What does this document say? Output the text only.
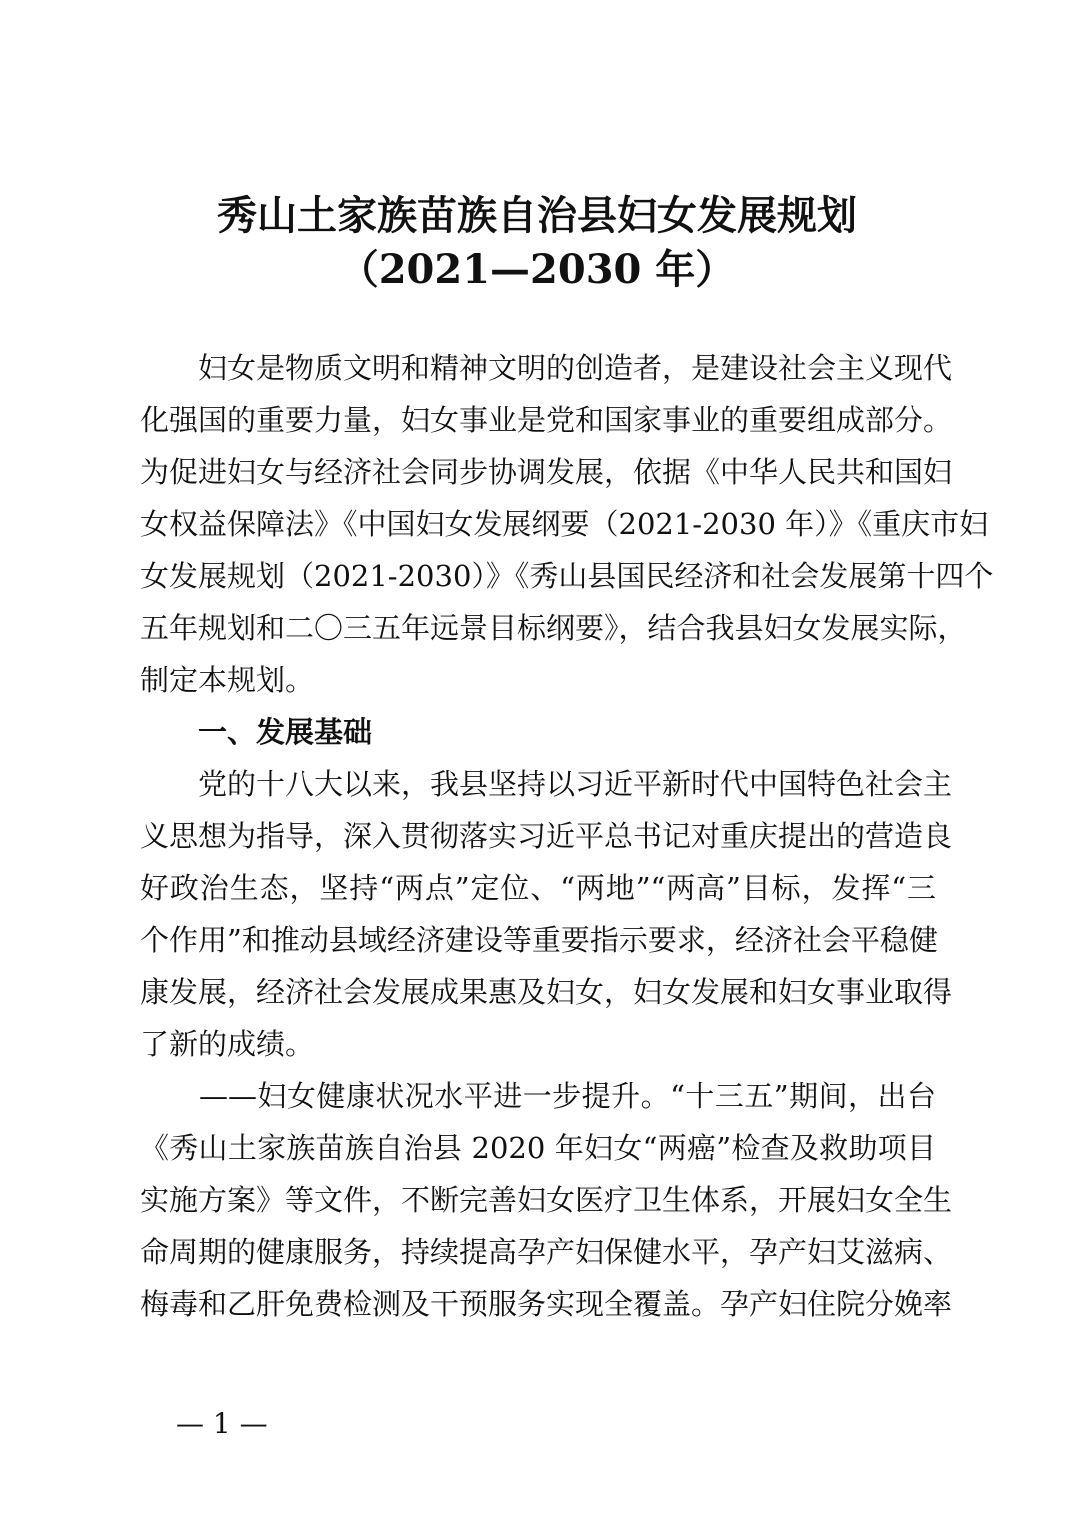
秀山土家族苗族自治县妇女发展规划
（2021—2030 年）
　　妇女是物质文明和精神文明的创造者，是建设社会主义现代
化强国的重要力量，妇女事业是党和国家事业的重要组成部分。
为促进妇女与经济社会同步协调发展，依据《中华人民共和国妇
女权益保障法》《中国妇女发展纲要（2021-2030 年）》《重庆市妇
女发展规划（2021-2030）》《秀山县国民经济和社会发展第十四个
五年规划和二〇三五年远景目标纲要》，结合我县妇女发展实际，
制定本规划。
　　一、发展基础
　　党的十八大以来，我县坚持以习近平新时代中国特色社会主
义思想为指导，深入贯彻落实习近平总书记对重庆提出的营造良
好政治生态，坚持“两点”定位、“两地”“两高”目标，发挥“三
个作用”和推动县域经济建设等重要指示要求，经济社会平稳健
康发展，经济社会发展成果惠及妇女，妇女发展和妇女事业取得
了新的成绩。
　　——妇女健康状况水平进一步提升。“十三五”期间，出台
《秀山土家族苗族自治县 2020 年妇女“两癌”检查及救助项目
实施方案》等文件，不断完善妇女医疗卫生体系，开展妇女全生
命周期的健康服务，持续提高孕产妇保健水平，孕产妇艾滋病、
梅毒和乙肝免费检测及干预服务实现全覆盖。孕产妇住院分娩率
— 1 —
